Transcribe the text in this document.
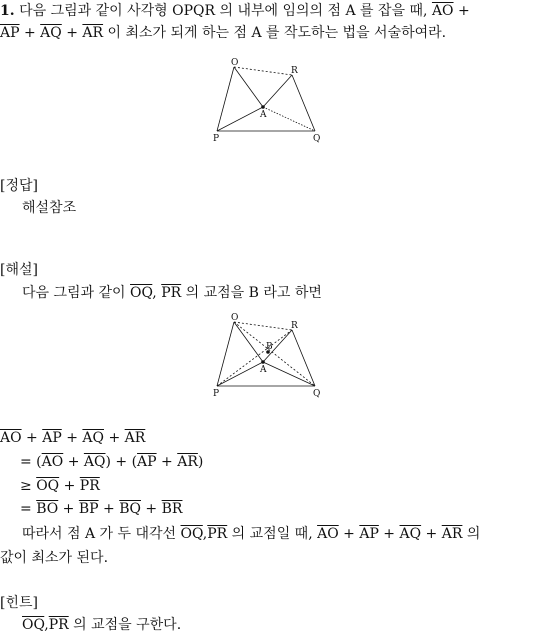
1. 다음 그림과 같이 사각형 OPQR 의 내부에 임의의 점 A 를 잡을 때, $\overline{AO}$ +
$\overline{AP} + \overline{AQ} + \overline{AR}$ 이 최소가 되게 하는 점 A 를 작도하는 법을 서술하여라.
O
R
A
P	Q
[정답]
해설참조
[해설]
다음 그림과 같이 $\overline{OQ}$, $\overline{PR}$ 의 교점을 B 라고 하면
O
R
B
A
P	Q
$\overline{AO} + \overline{AP} + \overline{AQ} + \overline{AR}$
= $(\overline{AO} + \overline{AQ}) + (\overline{AP} + \overline{AR})$
≥ $\overline{OQ} + \overline{PR}$
= $\overline{BO} + \overline{BP} + \overline{BQ} + \overline{BR}$
따라서 점 A 가 두 대각선 $\overline{OQ},\overline{PR}$ 의 교점일 때, $\overline{AO} + \overline{AP} + \overline{AQ} + \overline{AR}$ 의
값이 최소가 된다.
[힌트]
$\overline{OQ},\overline{PR}$ 의 교점을 구한다.
